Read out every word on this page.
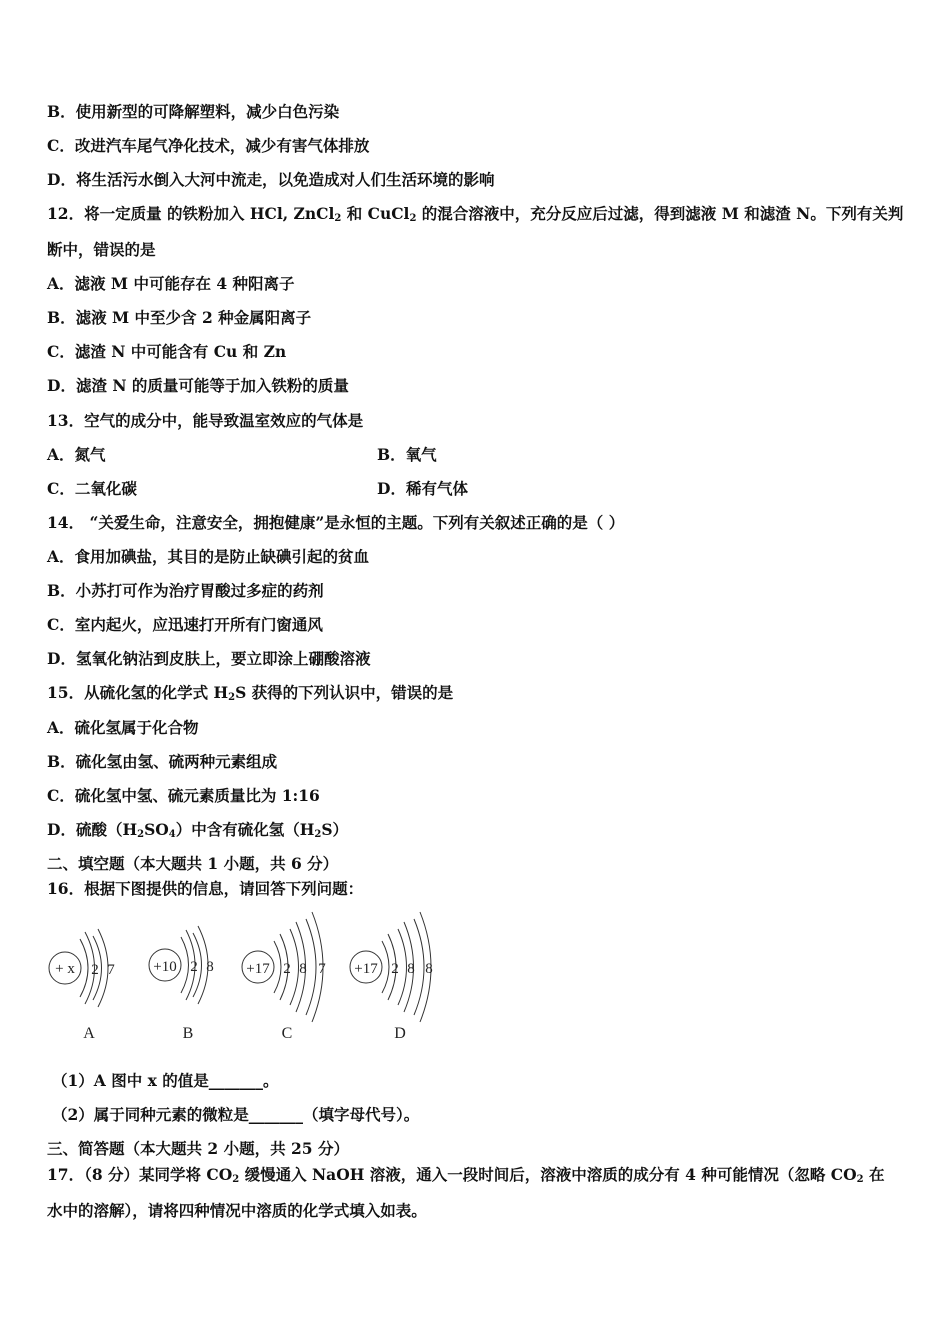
B．使用新型的可降解塑料，减少白色污染
C．改进汽车尾气净化技术，减少有害气体排放
D．将生活污水倒入大河中流走，以免造成对人们生活环境的影响
12．将一定质量 的铁粉加入 HCl, ZnCl$_2$ 和 CuCl$_2$ 的混合溶液中，充分反应后过滤，得到滤液 M 和滤渣 N。下列有关判
断中，错误的是
A．滤液 M 中可能存在 4 种阳离子
B．滤液 M 中至少含 2 种金属阳离子
C．滤渣 N 中可能含有 Cu 和 Zn
D．滤渣 N 的质量可能等于加入铁粉的质量
13．空气的成分中，能导致温室效应的气体是
A．氮气	B．氧气
C．二氧化碳	D．稀有气体
14． “关爱生命，注意安全，拥抱健康”是永恒的主题。下列有关叙述正确的是（ ）
A．食用加碘盐，其目的是防止缺碘引起的贫血
B．小苏打可作为治疗胃酸过多症的药剂
C．室内起火，应迅速打开所有门窗通风
D．氢氧化钠沾到皮肤上，要立即涂上硼酸溶液
15．从硫化氢的化学式 $H_2S$ 获得的下列认识中，错误的是
A．硫化氢属于化合物
B．硫化氢由氢、硫两种元素组成
C．硫化氢中氢、硫元素质量比为 1:16
D．硫酸$(H_2SO_4)$中含有硫化氢$(H_2S)$
二、填空题（本大题共 1 小题，共 6 分）
16．根据下图提供的信息，请回答下列问题：
+ x 2 7	+10 2 8 +17 2 8 7 +17 2 8 8
A	B	C	D
（1）A 图中 x 的值是_______。
（2）属于同种元素的微粒是_______（填字母代号）。
三、简答题（本大题共 2 小题，共 25 分）
17．（8 分）某同学将 $CO_2$ 缓慢通入 NaOH 溶液，通入一段时间后，溶液中溶质的成分有 4 种可能情况（忽略 $CO_2$ 在
水中的溶解），请将四种情况中溶质的化学式填入如表。
